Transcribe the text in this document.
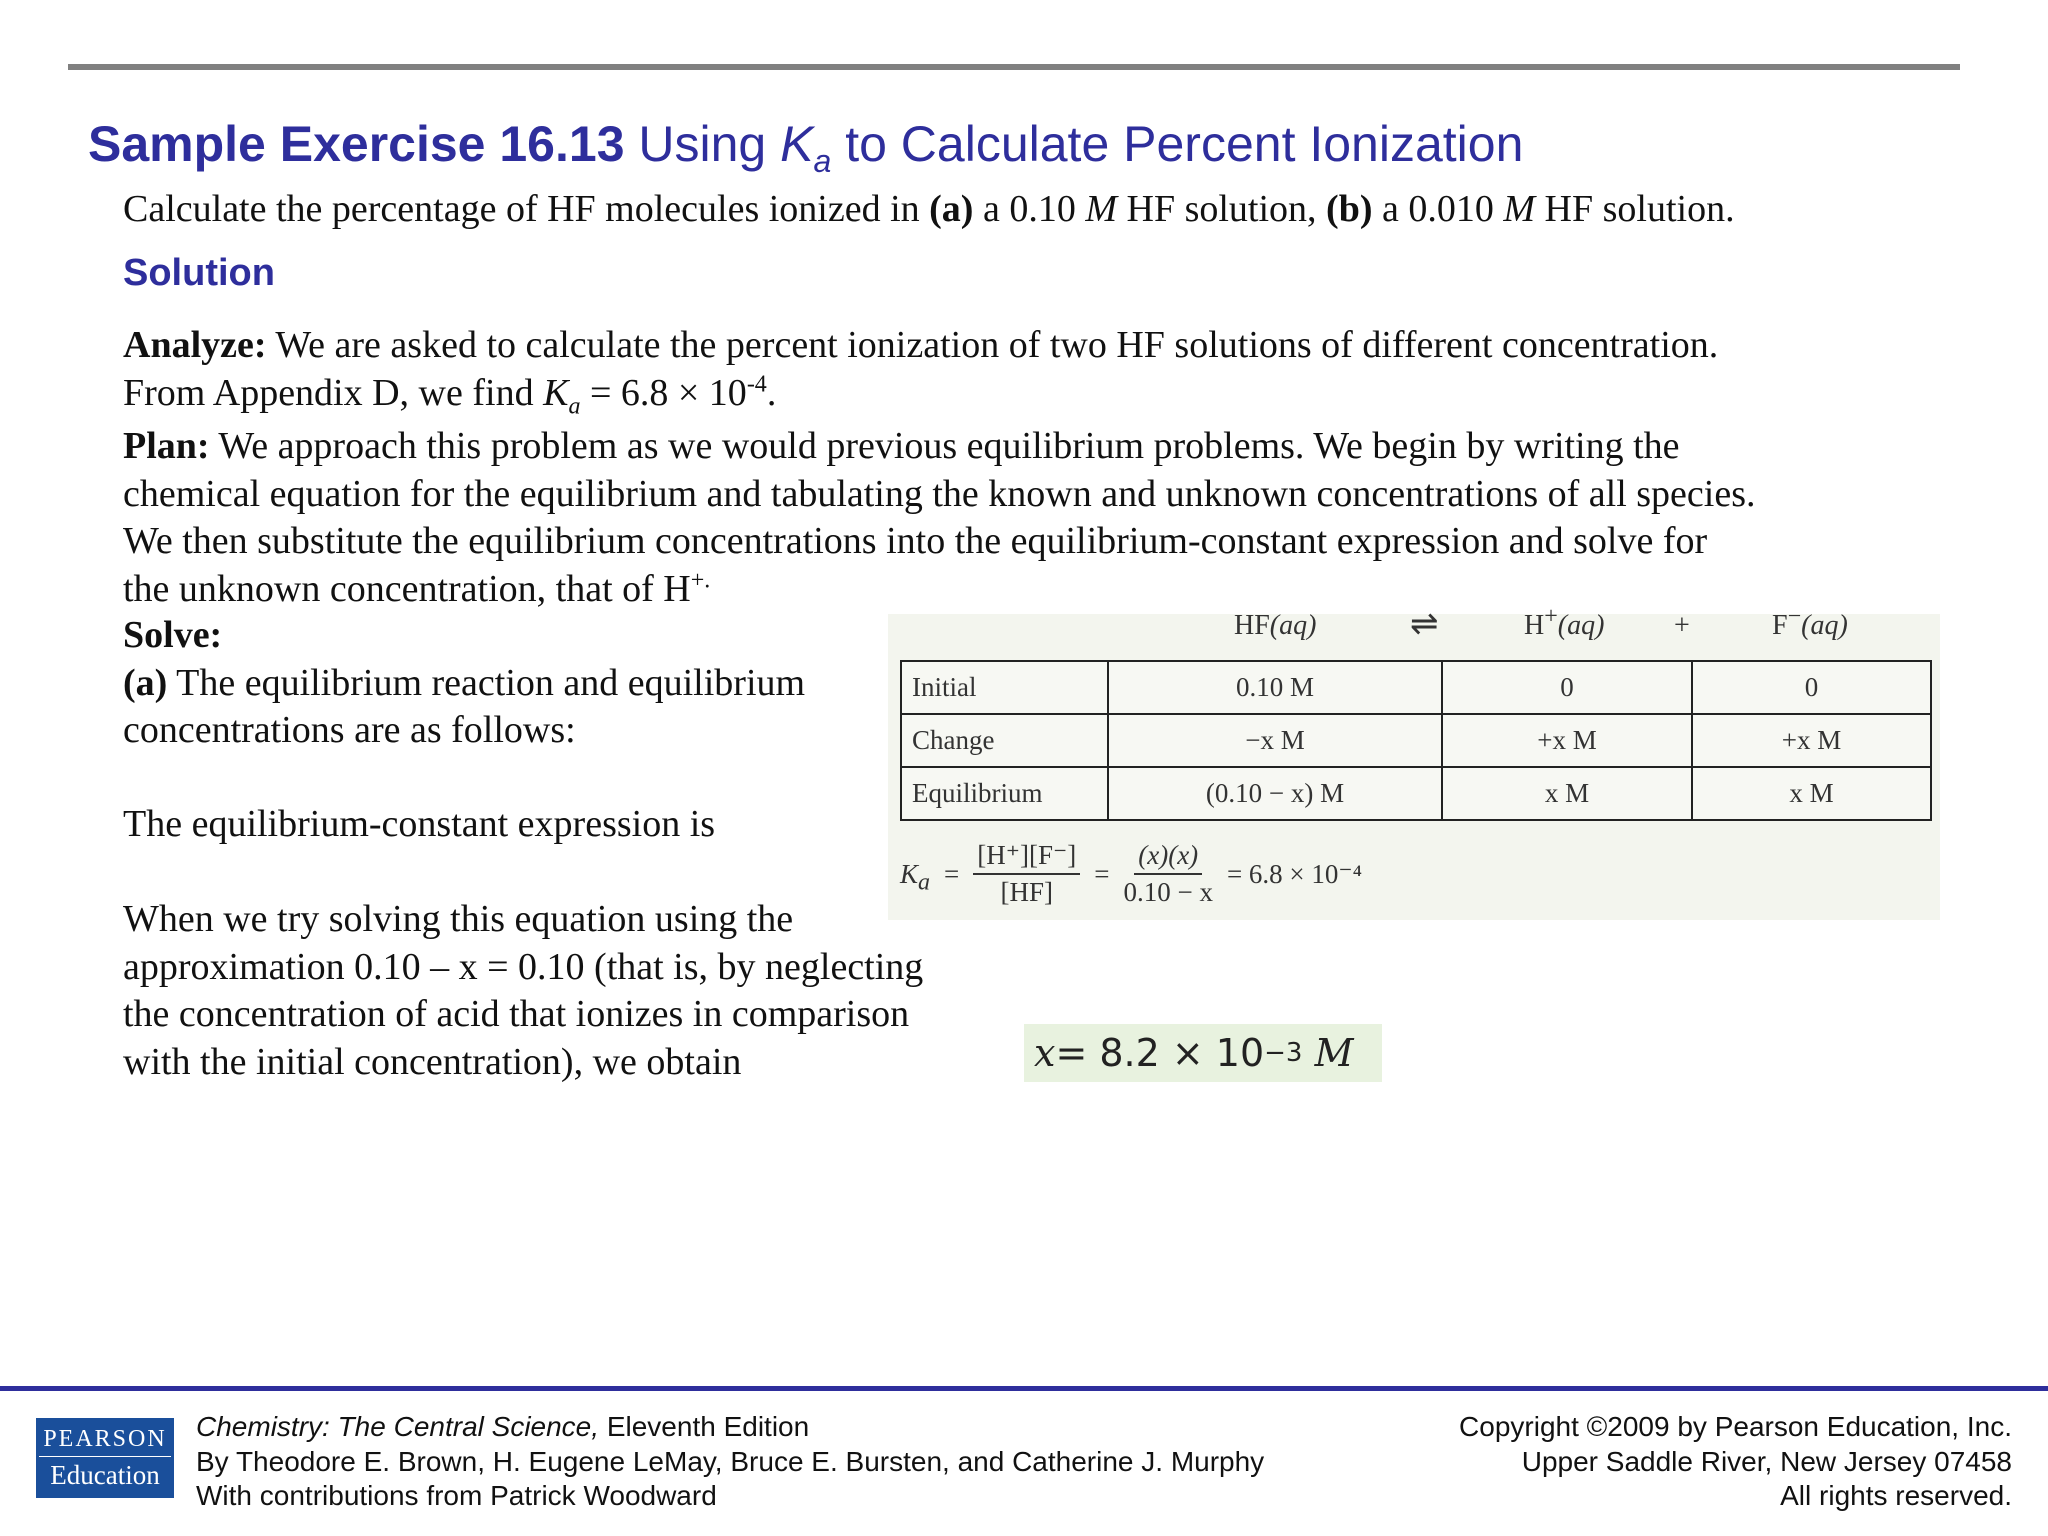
Sample Exercise 16.13 Using $K_a$ to Calculate Percent Ionization
Calculate the percentage of HF molecules ionized in (a) a 0.10 M HF solution, (b) a 0.010 M HF solution.
Solution
Analyze: We are asked to calculate the percent ionization of two HF solutions of different concentration.
From Appendix D, we find $K_a = 6.8 \times 10^{-4}$.
Plan: We approach this problem as we would previous equilibrium problems. We begin by writing the
chemical equation for the equilibrium and tabulating the known and unknown concentrations of all species.
We then substitute the equilibrium concentrations into the equilibrium-constant expression and solve for
the unknown concentration, that of H+.
Solve:
(a) The equilibrium reaction and equilibrium
concentrations are as follows:
The equilibrium-constant expression is
When we try solving this equation using the
approximation 0.10 – x = 0.10 (that is, by neglecting
the concentration of acid that ionizes in comparison
with the initial concentration), we obtain
HF(aq)	⇌	H+(aq) +	F−(aq)
Initial	0.10 M	0	0
Change	−x M	+x M	+x M
Equilibrium	(0.10 − x) M	x M	x M
$K_a = \frac{[H^+][F^-]}{[HF]} = \frac{(x)(x)}{0.10 - x} = 6.8 \times 10^{-4}$
x = 8.2 × 10 −3
M
PEARSON
Education
Chemistry: The Central Science, Eleventh Edition
By Theodore E. Brown, H. Eugene LeMay, Bruce E. Bursten, and Catherine J. Murphy
With contributions from Patrick Woodward
Copyright ©2009 by Pearson Education, Inc.
Upper Saddle River, New Jersey 07458
All rights reserved.
